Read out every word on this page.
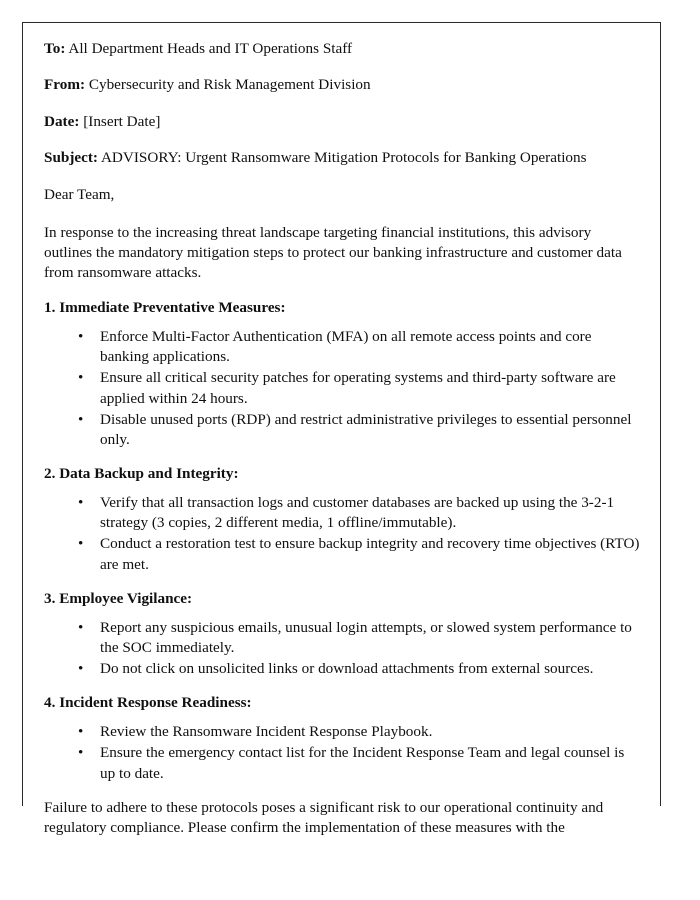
To: All Department Heads and IT Operations Staff

From: Cybersecurity and Risk Management Division

Date: [Insert Date]

Subject: ADVISORY: Urgent Ransomware Mitigation Protocols for Banking Operations

Dear Team,

In response to the increasing threat landscape targeting financial institutions, this advisory outlines the mandatory mitigation steps to protect our banking infrastructure and customer data from ransomware attacks.

1. Immediate Preventative Measures:
• Enforce Multi-Factor Authentication (MFA) on all remote access points and core banking applications.
• Ensure all critical security patches for operating systems and third-party software are applied within 24 hours.
• Disable unused ports (RDP) and restrict administrative privileges to essential personnel only.
2. Data Backup and Integrity:
• Verify that all transaction logs and customer databases are backed up using the 3-2-1 strategy (3 copies, 2 different media, 1 offline/immutable).
• Conduct a restoration test to ensure backup integrity and recovery time objectives (RTO) are met.
3. Employee Vigilance:
• Report any suspicious emails, unusual login attempts, or slowed system performance to the SOC immediately.
• Do not click on unsolicited links or download attachments from external sources.
4. Incident Response Readiness:
• Review the Ransomware Incident Response Playbook.
• Ensure the emergency contact list for the Incident Response Team and legal counsel is up to date.

Failure to adhere to these protocols poses a significant risk to our operational continuity and regulatory compliance. Please confirm the implementation of these measures with the
